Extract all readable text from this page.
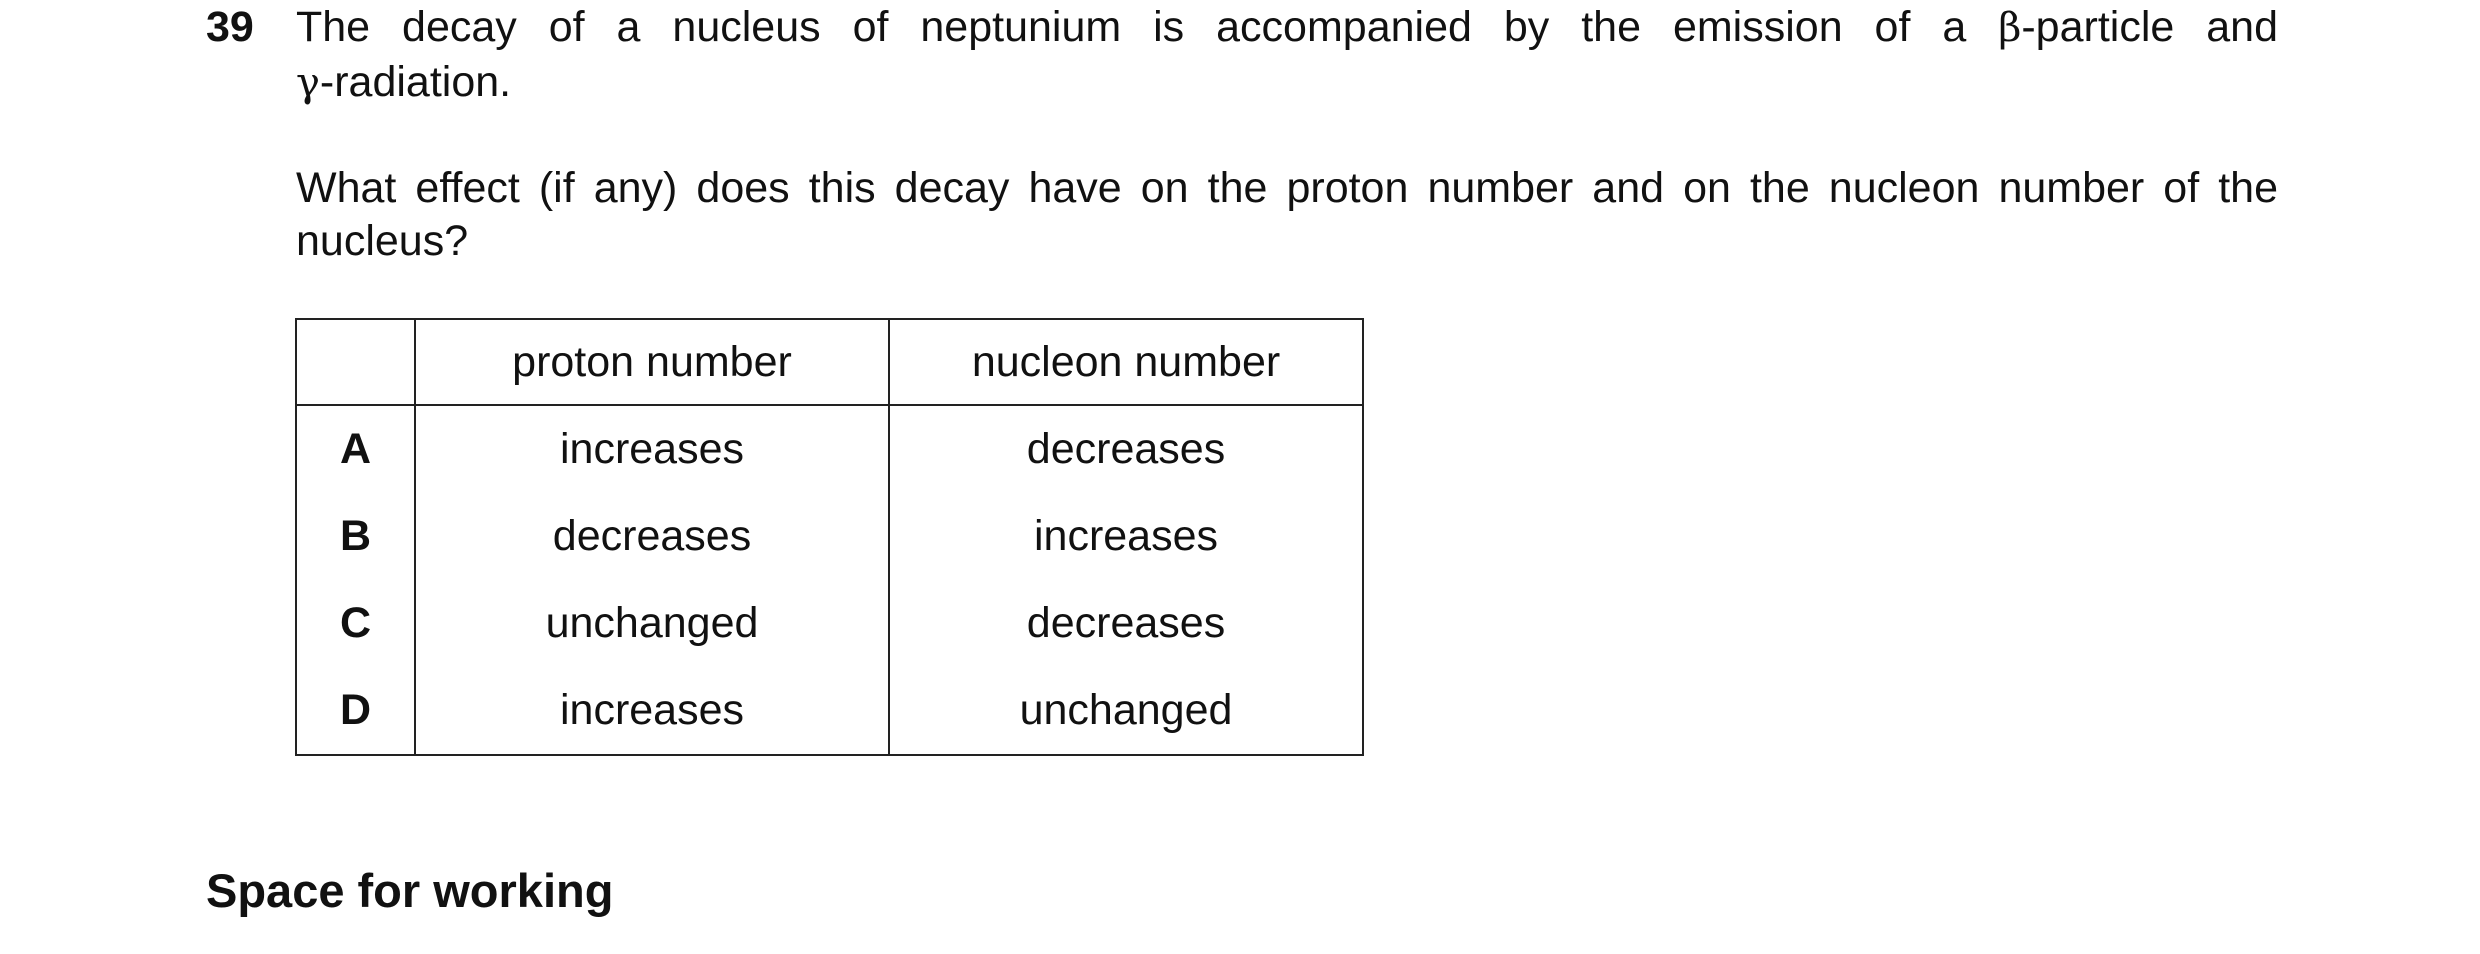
39 The decay of a nucleus of neptunium is accompanied by the emission of a β-particle and
γ-radiation.
What effect (if any) does this decay have on the proton number and on the nucleon number of the
nucleus?
	proton number	nucleon number
A	increases	decreases
B	decreases	increases
C	unchanged	decreases
D	increases	unchanged
Space for working
